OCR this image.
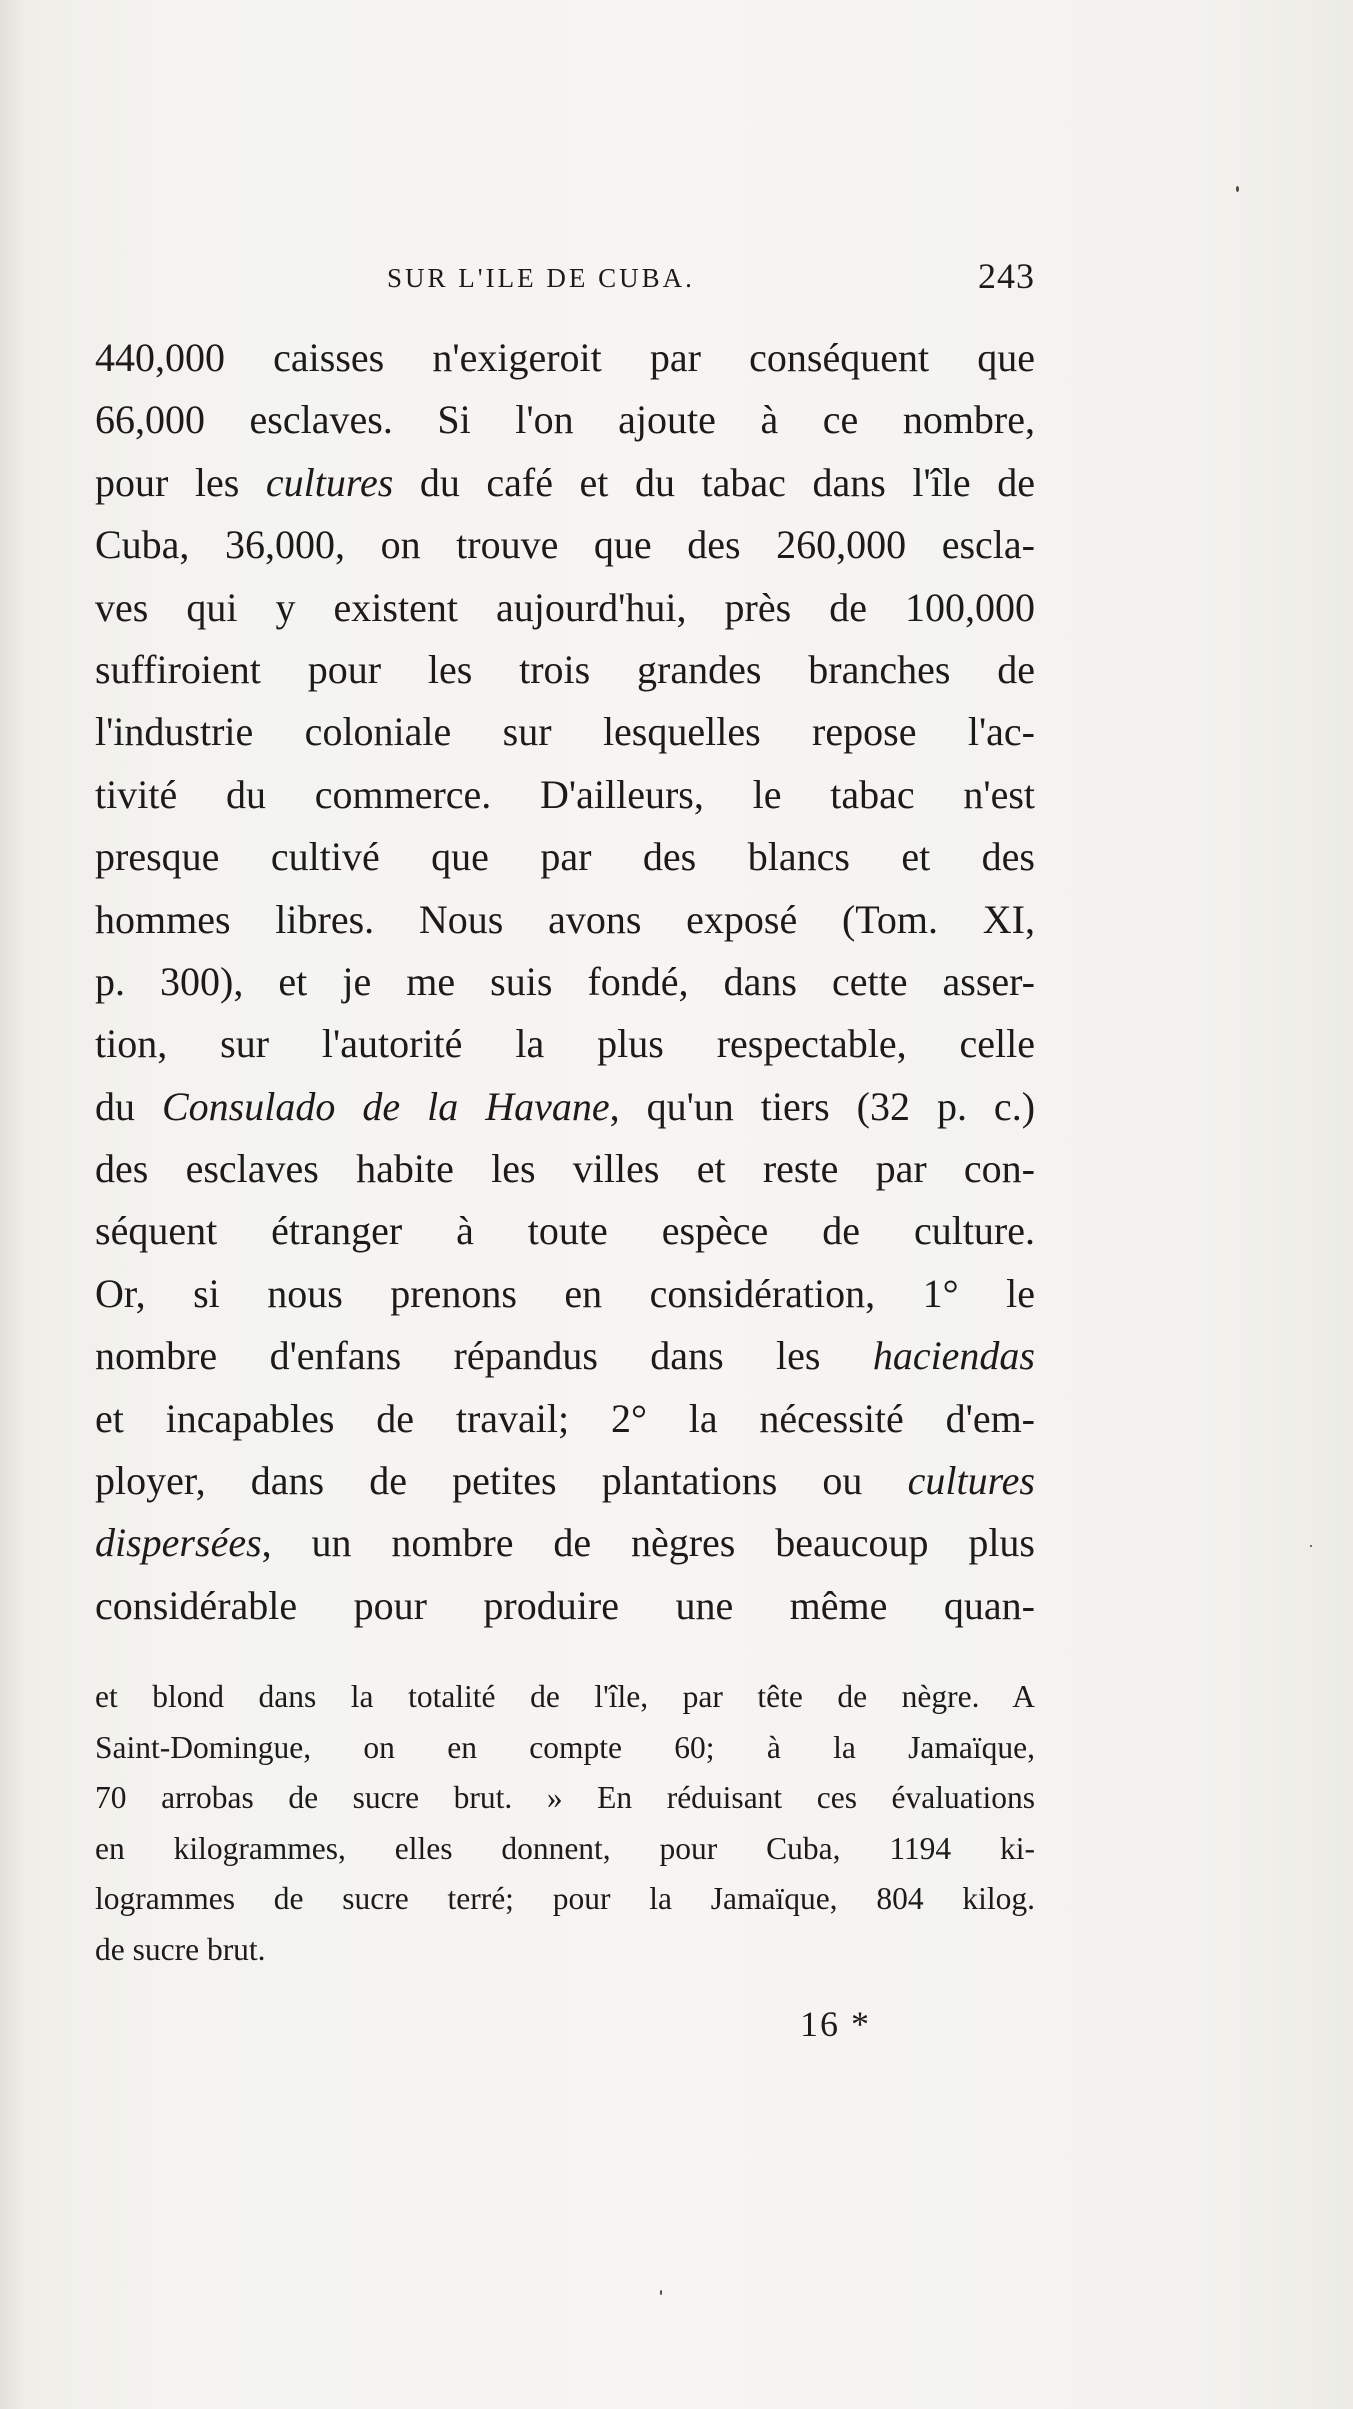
SUR L'ILE DE CUBA.	243
440,000 caisses n'exigeroit par conséquent que
66,000 esclaves. Si l'on ajoute à ce nombre,
pour les cultures du café et du tabac dans l'île de
Cuba, 36,000, on trouve que des 260,000 escla-
ves qui y existent aujourd'hui, près de 100,000
suffiroient pour les trois grandes branches de
l'industrie coloniale sur lesquelles repose l'ac-
tivité du commerce. D'ailleurs, le tabac n'est
presque cultivé que par des blancs et des
hommes libres. Nous avons exposé (Tom. XI,
p. 300), et je me suis fondé, dans cette asser-
tion, sur l'autorité la plus respectable, celle
du Consulado de la Havane, qu'un tiers (32 p. c.)
des esclaves habite les villes et reste par con-
séquent étranger à toute espèce de culture.
Or, si nous prenons en considération, 1° le
nombre d'enfans répandus dans les haciendas
et incapables de travail; 2° la nécessité d'em-
ployer, dans de petites plantations ou cultures
dispersées, un nombre de nègres beaucoup plus
considérable pour produire une même quan-
et blond dans la totalité de l'île, par tête de nègre. A
Saint-Domingue, on en compte 60; à la Jamaïque,
70 arrobas de sucre brut. » En réduisant ces évaluations
en kilogrammes, elles donnent, pour Cuba, 1194 ki-
logrammes de sucre terré; pour la Jamaïque, 804 kilog.
de sucre brut.
16 *
